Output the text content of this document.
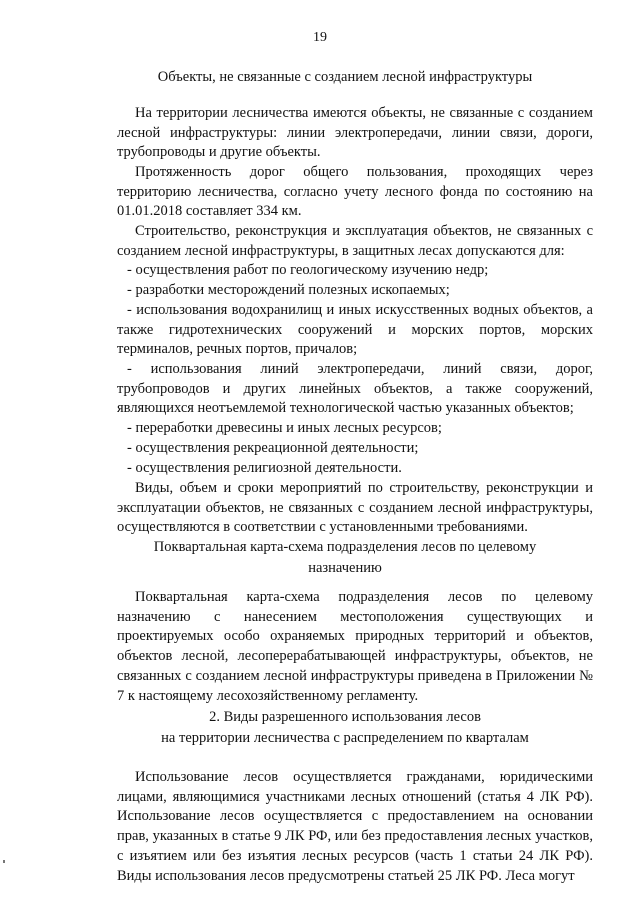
19
Объекты, не связанные с созданием лесной инфраструктуры

На территории лесничества имеются объекты, не связанные с созданием лесной инфраструктуры: линии электропередачи, линии связи, дороги, трубопроводы и другие объекты.

Протяженность дорог общего пользования, проходящих через территорию лесничества, согласно учету лесного фонда по состоянию на 01.01.2018 составляет 334 км.

Строительство, реконструкция и эксплуатация объектов, не связанных с созданием лесной инфраструктуры, в защитных лесах допускаются для:

- осуществления работ по геологическому изучению недр;

- разработки месторождений полезных ископаемых;

- использования водохранилищ и иных искусственных водных объектов, а также гидротехнических сооружений и морских портов, морских терминалов, речных портов, причалов;

- использования линий электропередачи, линий связи, дорог, трубопроводов и других линейных объектов, а также сооружений, являющихся неотъемлемой технологической частью указанных объектов;

- переработки древесины и иных лесных ресурсов;

- осуществления рекреационной деятельности;

- осуществления религиозной деятельности.

Виды, объем и сроки мероприятий по строительству, реконструкции и эксплуатации объектов, не связанных с созданием лесной инфраструктуры, осуществляются в соответствии с установленными требованиями.

Поквартальная карта-схема подразделения лесов по целевому
назначению

Поквартальная карта-схема подразделения лесов по целевому назначению с нанесением местоположения существующих и проектируемых особо охраняемых природных территорий и объектов, объектов лесной, лесоперерабатывающей инфраструктуры, объектов, не связанных с созданием лесной инфраструктуры приведена в Приложении № 7 к настоящему лесохозяйственному регламенту.

2. Виды разрешенного использования лесов
на территории лесничества с распределением по кварталам

Использование лесов осуществляется гражданами, юридическими лицами, являющимися участниками лесных отношений (статья 4 ЛК РФ). Использование лесов осуществляется с предоставлением на основании прав, указанных в статье 9 ЛК РФ, или без предоставления лесных участков, с изъятием или без изъятия лесных ресурсов (часть 1 статьи 24 ЛК РФ). Виды использования лесов предусмотрены статьей 25 ЛК РФ. Леса могут
